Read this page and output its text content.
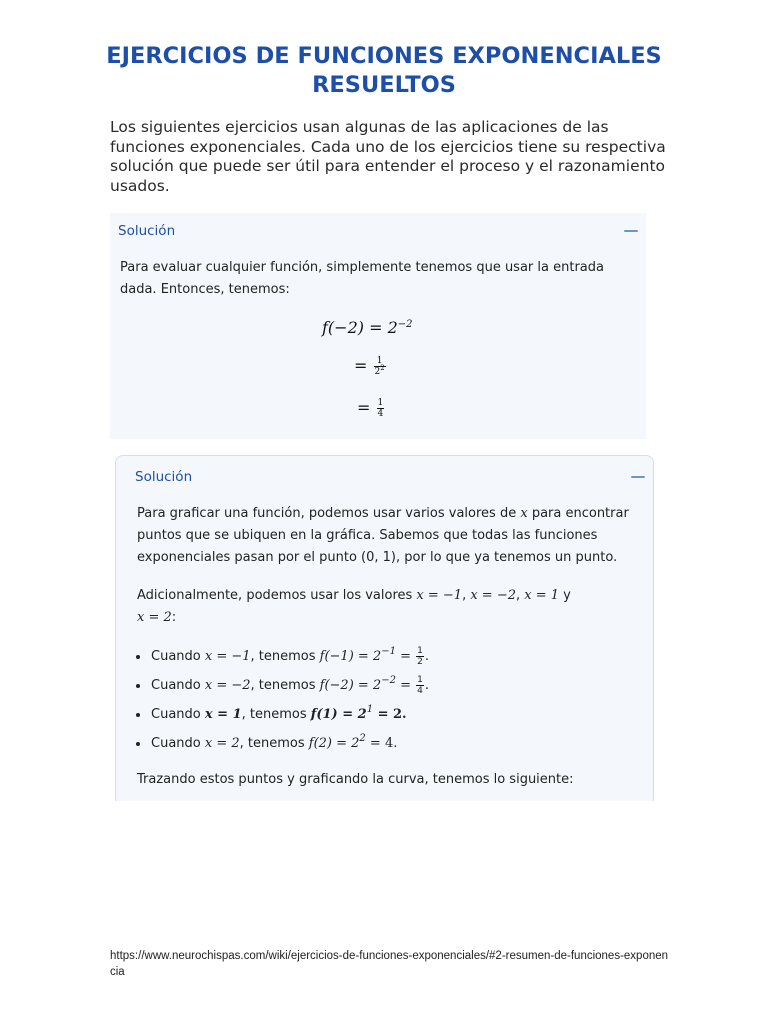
EJERCICIOS DE FUNCIONES EXPONENCIALES RESUELTOS

Los siguientes ejercicios usan algunas de las aplicaciones de las funciones exponenciales. Cada uno de los ejercicios tiene su respectiva solución que puede ser útil para entender el proceso y el razonamiento usados.

Solución
Para evaluar cualquier función, simplemente tenemos que usar la entrada dada. Entonces, tenemos:
$f(-2) = 2^{-2}$
= $\frac{1}{2^2}$
= $\frac{1}{4}$
Solución
Para graficar una función, podemos usar varios valores de x para encontrar puntos que se ubiquen en la gráfica. Sabemos que todas las funciones exponenciales pasan por el punto (0, 1), por lo que ya tenemos un punto.
Adicionalmente, podemos usar los valores x = −1, x = −2, x = 1 y
x = 2:
Trazando estos puntos y graficando la curva, tenemos lo siguiente:
Cuando x = −1, tenemos $f(-1) = 2^{-1} = \frac{1}{2}$ .
Cuando x = −2, tenemos $f(-2) = 2^{-2} = \frac{1}{4}$ .
Cuando x = 1, tenemos $f(1) = 2^1 = 2$.
Cuando x = 2, tenemos $f(2) = 2^2 = 4$.
https://www.neurochispas.com/wiki/ejercicios-de-funciones-exponenciales/#2-resumen-de-funciones-exponencia
